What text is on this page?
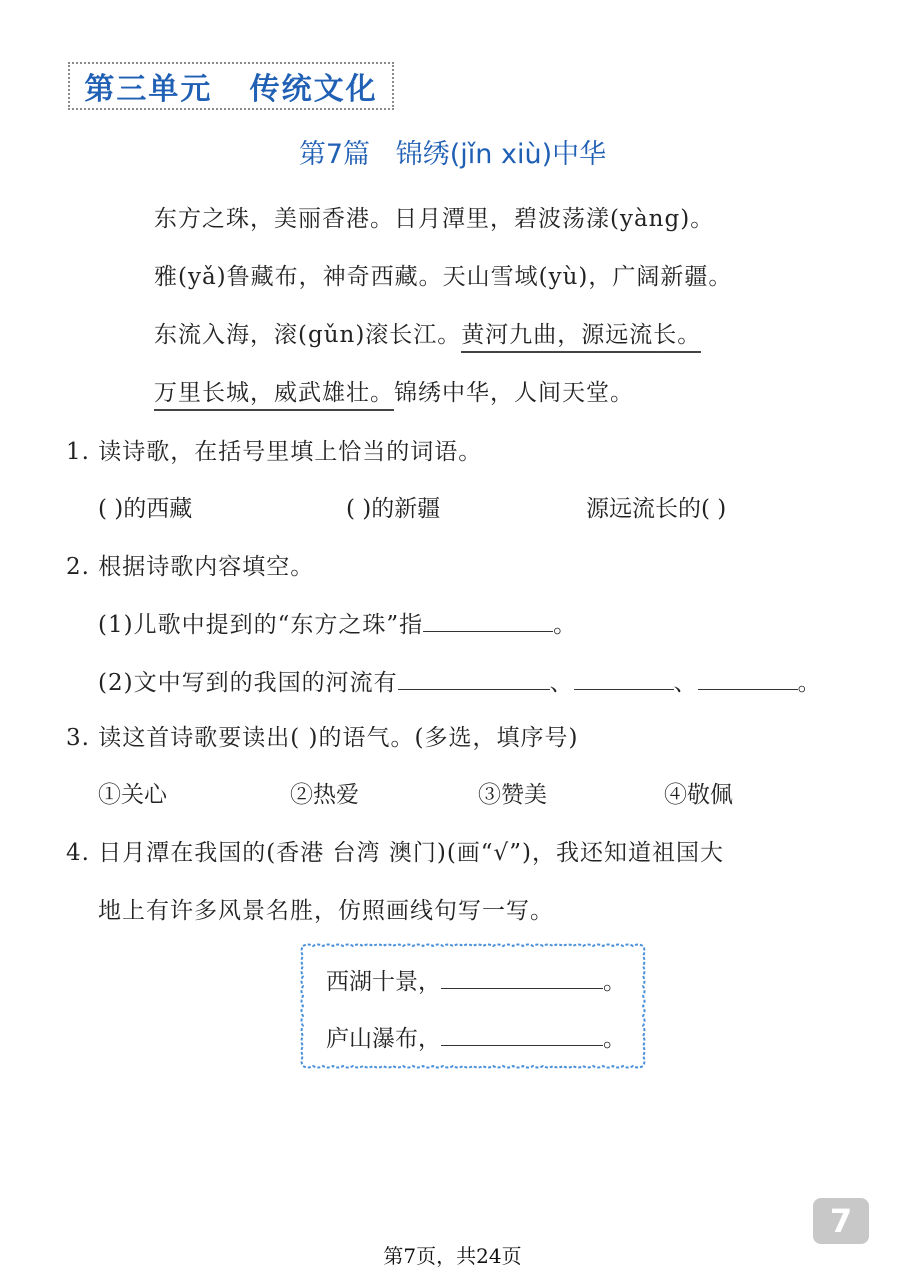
第三单元   传统文化
第7篇   锦绣(jǐn xiù)中华
东方之珠，美丽香港。日月潭里，碧波荡漾(yàng)。
雅(yǎ)鲁藏布，神奇西藏。天山雪域(yù)，广阔新疆。
东流入海，滚(gǔn)滚长江。黄河九曲，源远流长。
万里长城，威武雄壮。锦绣中华，人间天堂。
1. 读诗歌，在括号里填上恰当的词语。
( )的西藏	( )的新疆	源远流长的( )
2. 根据诗歌内容填空。
(1)儿歌中提到的“东方之珠”指	。
(2)文中写到的我国的河流有	、	、	。
3. 读这首诗歌要读出( )的语气。(多选，填序号)
①关心	②热爱	③赞美	④敬佩
4. 日月潭在我国的(香港 台湾 澳门)(画“√”)，我还知道祖国大
地上有许多风景名胜，仿照画线句写一写。
西湖十景，	。
庐山瀑布，	。
7
第7页，共24页
